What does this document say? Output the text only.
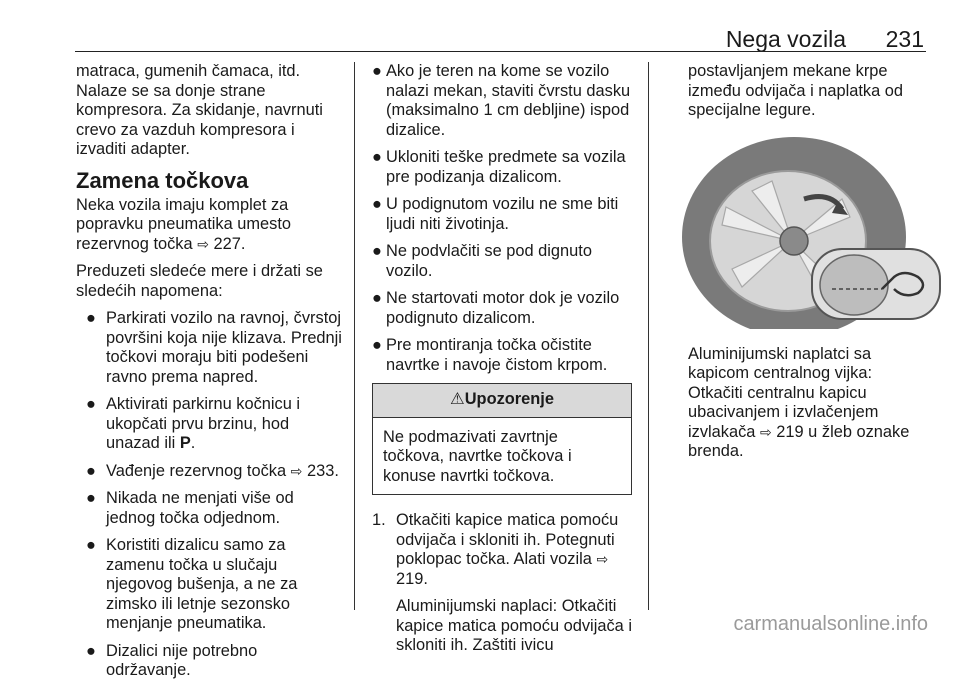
Nega vozila 231

matraca, gumenih čamaca, itd. Nalaze se sa donje strane kompresora. Za skidanje, navrnuti crevo za vazduh kompresora i izvaditi adapter.

Zamena točkova

Neka vozila imaju komplet za popravku pneumatika umesto rezervnog točka ⇨ 227.

Preduzeti sledeće mere i držati se sledećih napomena:

● Parkirati vozilo na ravnoj, čvrstoj površini koja nije klizava. Prednji točkovi moraju biti podešeni ravno prema napred.
● Aktivirati parkirnu kočnicu i ukopčati prvu brzinu, hod unazad ili P.
● Vađenje rezervnog točka ⇨ 233.
● Nikada ne menjati više od jednog točka odjednom.
● Koristiti dizalicu samo za zamenu točka u slučaju njegovog bušenja, a ne za zimsko ili letnje sezonsko menjanje pneumatika.
● Dizalici nije potrebno održavanje.
● Ako je teren na kome se vozilo nalazi mekan, staviti čvrstu dasku (maksimalno 1 cm debljine) ispod dizalice.
● Ukloniti teške predmete sa vozila pre podizanja dizalicom.
● U podignutom vozilu ne sme biti ljudi niti životinja.
● Ne podvlačiti se pod dignuto vozilo.
● Ne startovati motor dok je vozilo podignuto dizalicom.
● Pre montiranja točka očistite navrtke i navoje čistom krpom.
⚠Upozorenje
Ne podmazivati zavrtnje točkova, navrtke točkova i konuse navrtki točkova.
1. Otkačiti kapice matica pomoću odvijača i skloniti ih. Potegnuti poklopac točka. Alati vozila ⇨ 219.

Aluminijumski naplaci: Otkačiti kapice matica pomoću odvijača i skloniti ih. Zaštiti ivicu

postavljanjem mekane krpe između odvijača i naplatka od specijalne legure.

Aluminijumski naplatci sa kapicom centralnog vijka: Otkačiti centralnu kapicu ubacivanjem i izvlačenjem izvlakača ⇨ 219 u žleb oznake brenda.

carmanualsonline.info
